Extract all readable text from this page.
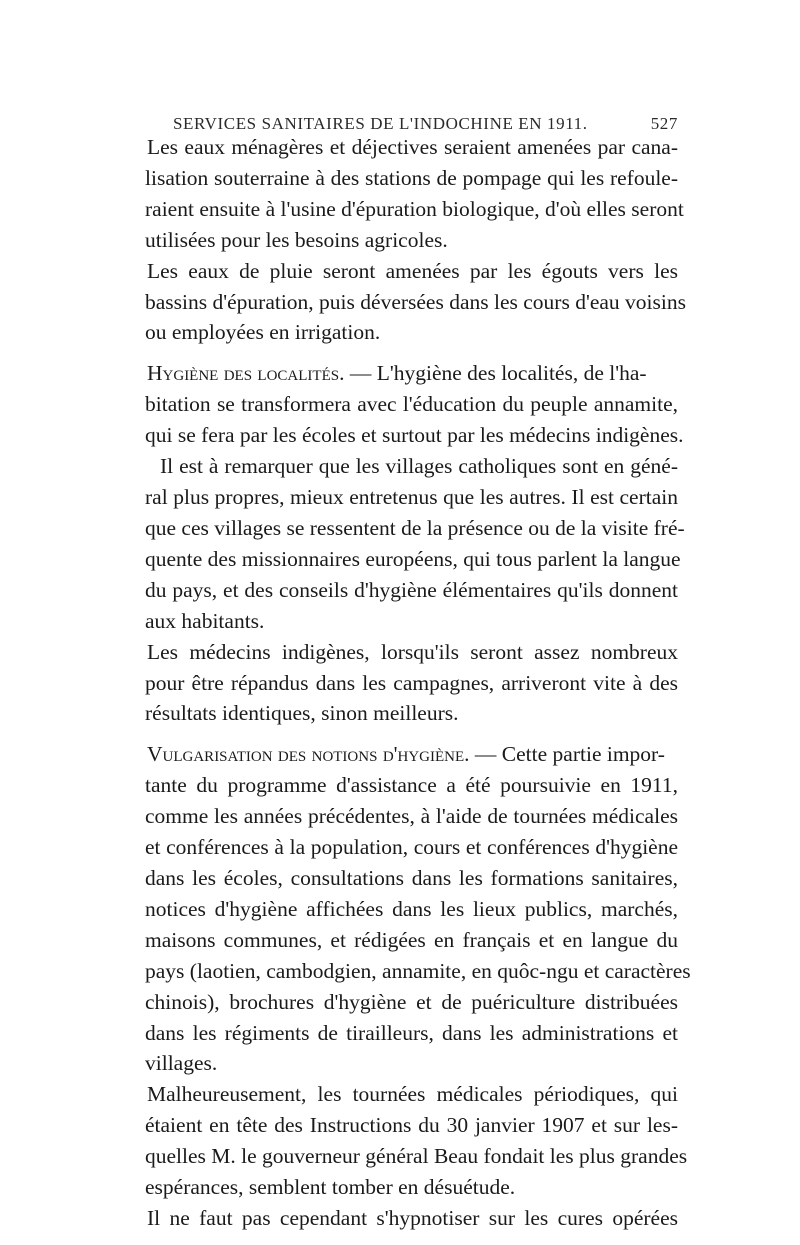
SERVICES SANITAIRES DE L'INDOCHINE EN 1911.	527
Les eaux ménagères et déjectives seraient amenées par cana-
lisation souterraine à des stations de pompage qui les refoule-
raient ensuite à l'usine d'épuration biologique, d'où elles seront
utilisées pour les besoins agricoles.
Les eaux de pluie seront amenées par les égouts vers les
bassins d'épuration, puis déversées dans les cours d'eau voisins
ou employées en irrigation.
Hygiène des localités. — L'hygiène des localités, de l'ha-
bitation se transformera avec l'éducation du peuple annamite,
qui se fera par les écoles et surtout par les médecins indigènes.
Il est à remarquer que les villages catholiques sont en géné-
ral plus propres, mieux entretenus que les autres. Il est certain
que ces villages se ressentent de la présence ou de la visite fré-
quente des missionnaires européens, qui tous parlent la langue
du pays, et des conseils d'hygiène élémentaires qu'ils donnent
aux habitants.
Les médecins indigènes, lorsqu'ils seront assez nombreux
pour être répandus dans les campagnes, arriveront vite à des
résultats identiques, sinon meilleurs.
Vulgarisation des notions d'hygiène. — Cette partie impor-
tante du programme d'assistance a été poursuivie en 1911,
comme les années précédentes, à l'aide de tournées médicales
et conférences à la population, cours et conférences d'hygiène
dans les écoles, consultations dans les formations sanitaires,
notices d'hygiène affichées dans les lieux publics, marchés,
maisons communes, et rédigées en français et en langue du
pays (laotien, cambodgien, annamite, en quôc-ngu et caractères
chinois), brochures d'hygiène et de puériculture distribuées
dans les régiments de tirailleurs, dans les administrations et
villages.
Malheureusement, les tournées médicales périodiques, qui
étaient en tête des Instructions du 30 janvier 1907 et sur les-
quelles M. le gouverneur général Beau fondait les plus grandes
espérances, semblent tomber en désuétude.
Il ne faut pas cependant s'hypnotiser sur les cures opérées
